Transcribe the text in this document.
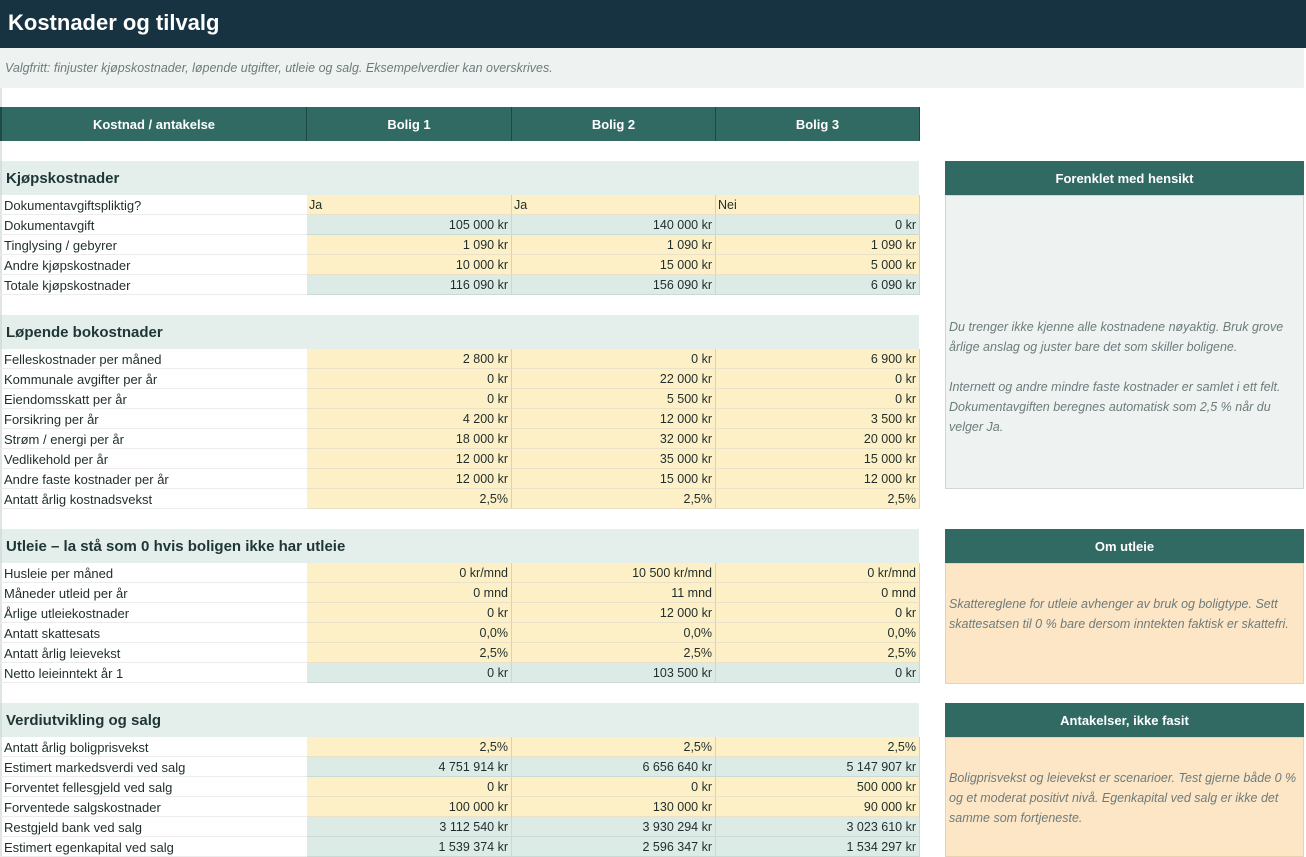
Kostnader og tilvalg
Valgfritt: finjuster kjøpskostnader, løpende utgifter, utleie og salg. Eksempelverdier kan overskrives.
Kostnad / antakelse	Bolig 1	Bolig 2	Bolig 3
Kjøpskostnader
Dokumentavgiftspliktig?	Ja	Ja	Nei
Dokumentavgift	105 000 kr	140 000 kr	0 kr
Tinglysing / gebyrer	1 090 kr	1 090 kr	1 090 kr
Andre kjøpskostnader	10 000 kr	15 000 kr	5 000 kr
Totale kjøpskostnader	116 090 kr	156 090 kr	6 090 kr
Løpende bokostnader
Felleskostnader per måned	2 800 kr	0 kr	6 900 kr
Kommunale avgifter per år	0 kr	22 000 kr	0 kr
Eiendomsskatt per år	0 kr	5 500 kr	0 kr
Forsikring per år	4 200 kr	12 000 kr	3 500 kr
Strøm / energi per år	18 000 kr	32 000 kr	20 000 kr
Vedlikehold per år	12 000 kr	35 000 kr	15 000 kr
Andre faste kostnader per år	12 000 kr	15 000 kr	12 000 kr
Antatt årlig kostnadsvekst	2,5%	2,5%	2,5%
Utleie – la stå som 0 hvis boligen ikke har utleie
Husleie per måned	0 kr/mnd	10 500 kr/mnd	0 kr/mnd
Måneder utleid per år	0 mnd	11 mnd	0 mnd
Årlige utleiekostnader	0 kr	12 000 kr	0 kr
Antatt skattesats	0,0%	0,0%	0,0%
Antatt årlig leievekst	2,5%	2,5%	2,5%
Netto leieinntekt år 1	0 kr	103 500 kr	0 kr
Verdiutvikling og salg
Antatt årlig boligprisvekst	2,5%	2,5%	2,5%
Estimert markedsverdi ved salg	4 751 914 kr	6 656 640 kr	5 147 907 kr
Forventet fellesgjeld ved salg	0 kr	0 kr	500 000 kr
Forventede salgskostnader	100 000 kr	130 000 kr	90 000 kr
Restgjeld bank ved salg	3 112 540 kr	3 930 294 kr	3 023 610 kr
Estimert egenkapital ved salg	1 539 374 kr	2 596 347 kr	1 534 297 kr
Forenklet med hensikt
Du trenger ikke kjenne alle kostnadene nøyaktig. Bruk grove årlige anslag og juster bare det som skiller boligene.
Internett og andre mindre faste kostnader er samlet i ett felt. Dokumentavgiften beregnes automatisk som 2,5 % når du velger Ja.
Om utleie
Skattereglene for utleie avhenger av bruk og boligtype. Sett skattesatsen til 0 % bare dersom inntekten faktisk er skattefri.
Antakelser, ikke fasit
Boligprisvekst og leievekst er scenarioer. Test gjerne både 0 % og et moderat positivt nivå. Egenkapital ved salg er ikke det samme som fortjeneste.
